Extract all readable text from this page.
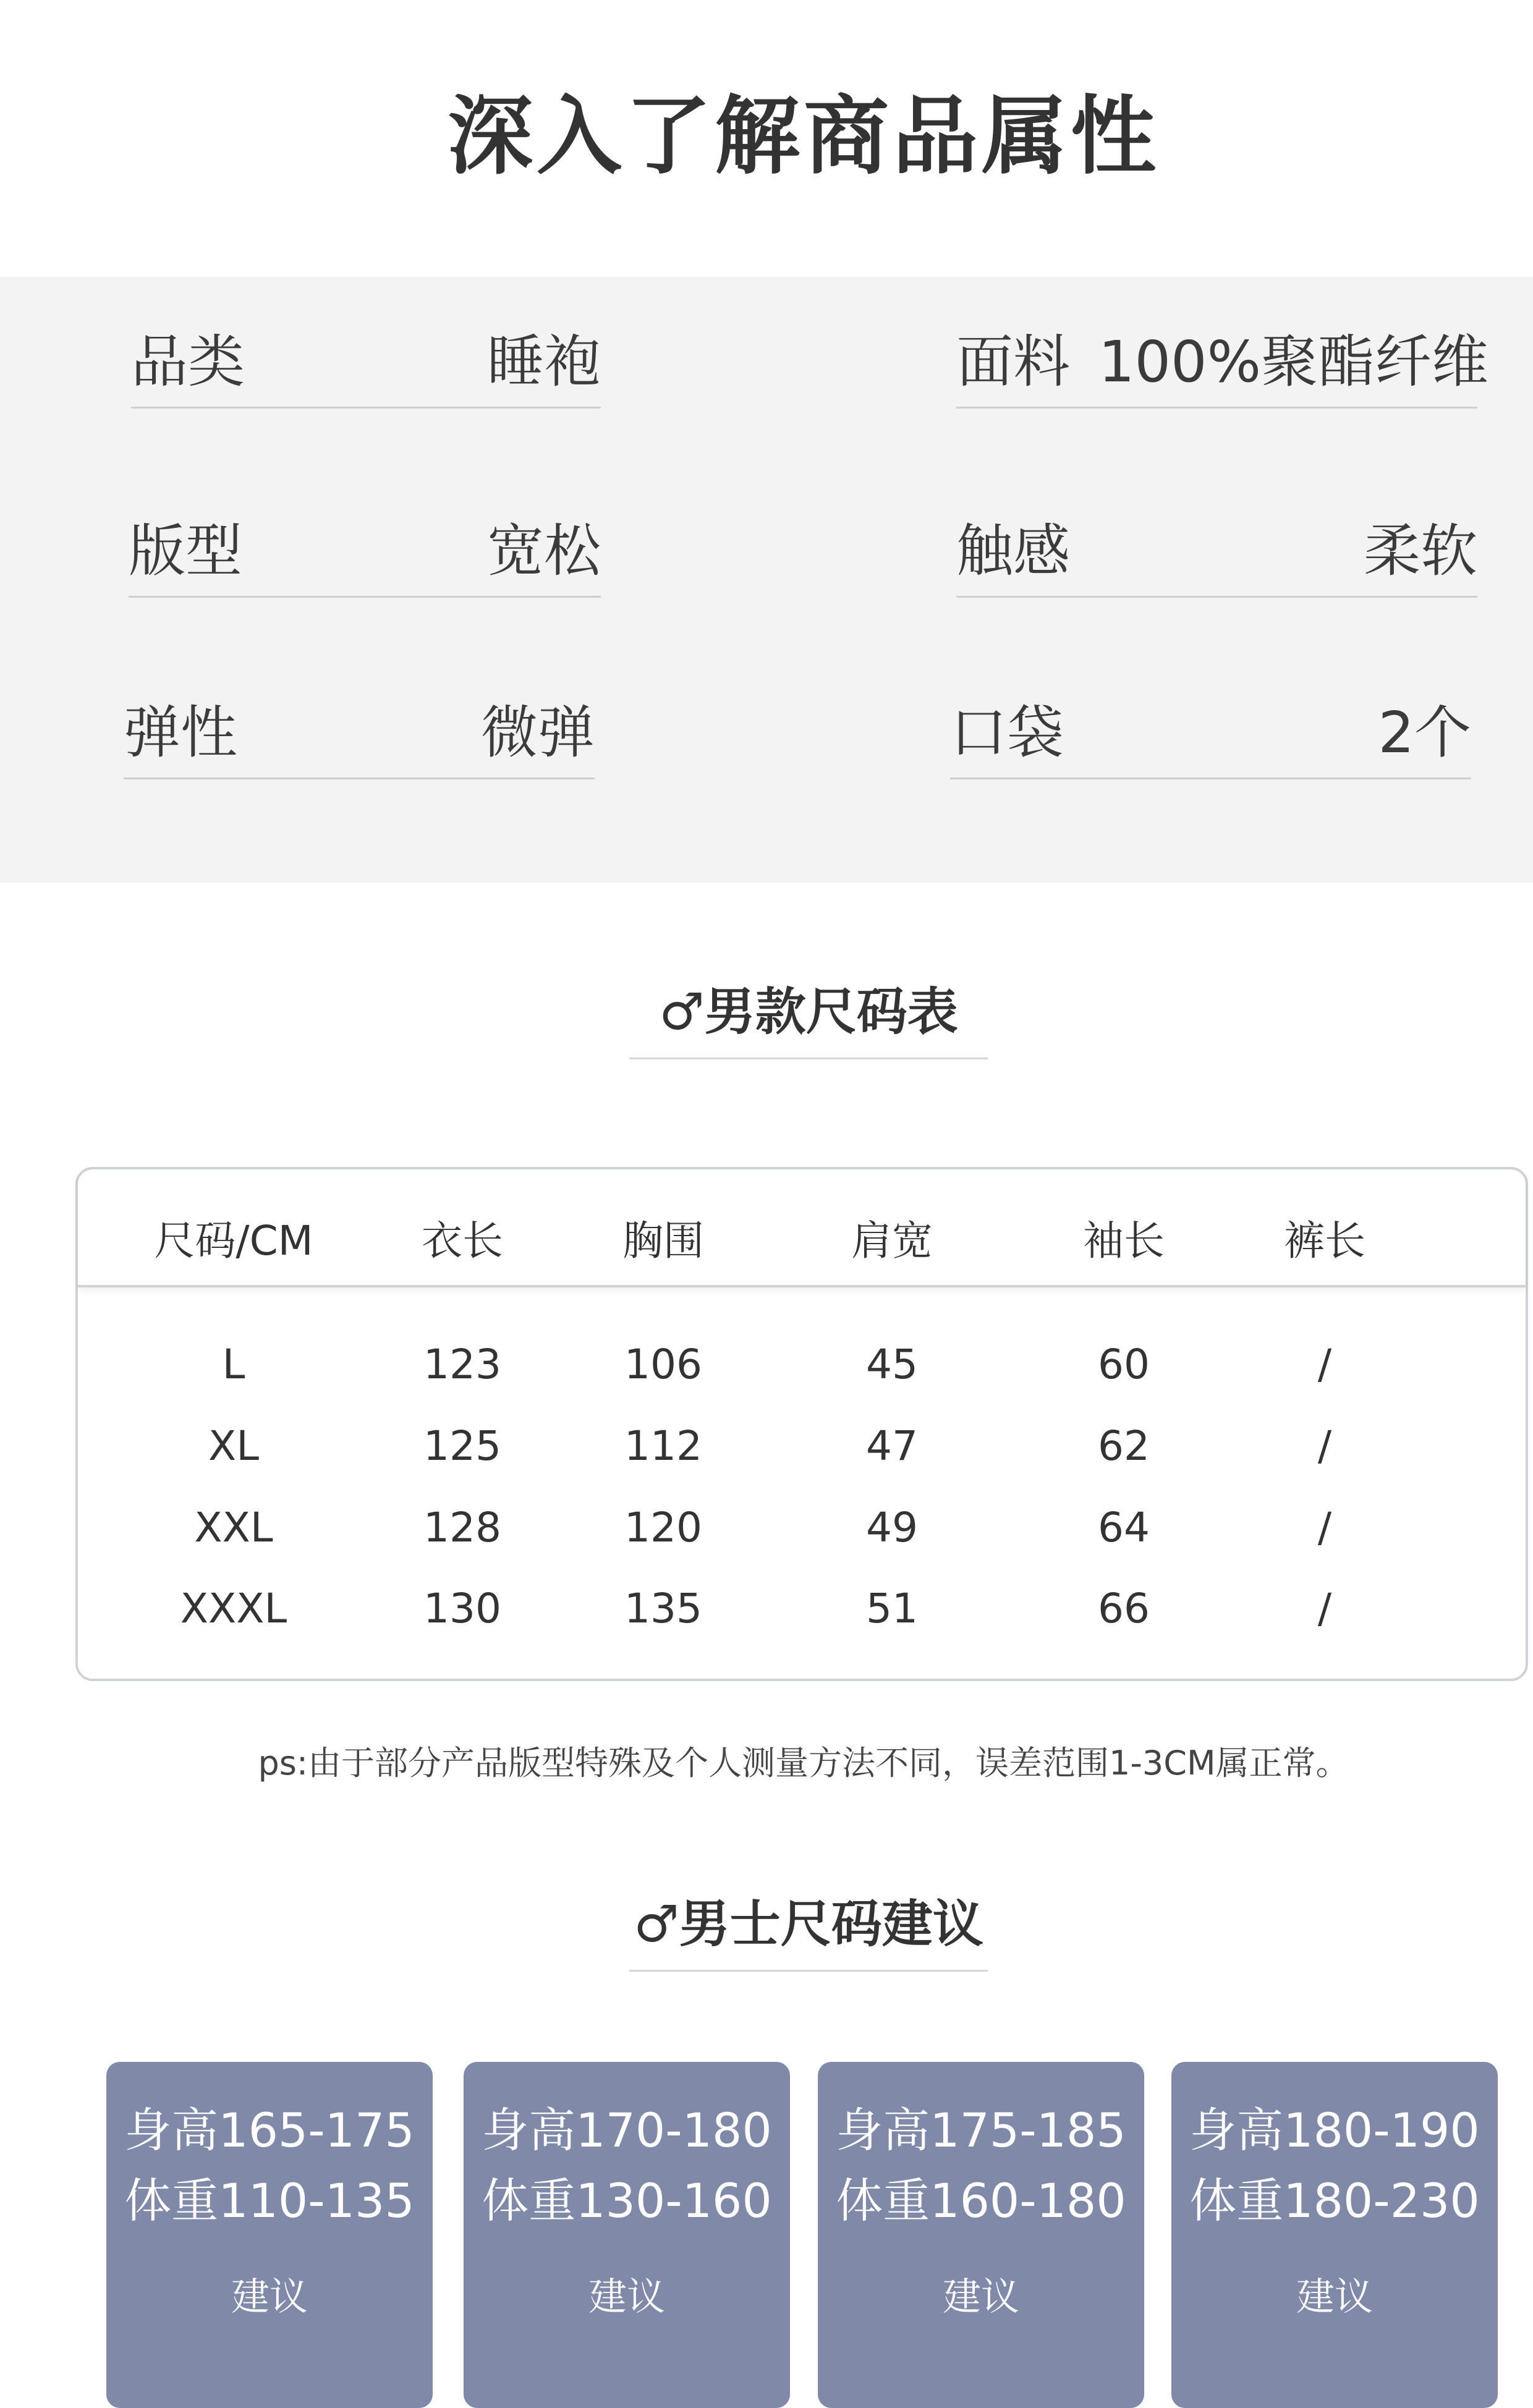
深入了解商品属性
品类	睡袍	面料 100%聚酯纤维
版型	宽松	触感	柔软
弹性	微弹	口袋	2个
♂男款尺码表
尺码/CM	衣长	胸围	肩宽	袖长	裤长
L	123	106	45	60	/
XL	125	112	47	62	/
XXL	128	120	49	64	/
XXXL	130	135	51	66	/
ps:由于部分产品版型特殊及个人测量方法不同，误差范围1-3CM属正常。
♂男士尺码建议
身高165-175
体重110-135
建议
身高170-180
体重130-160
建议
身高175-185
体重160-180
建议
身高180-190
体重180-230
建议
